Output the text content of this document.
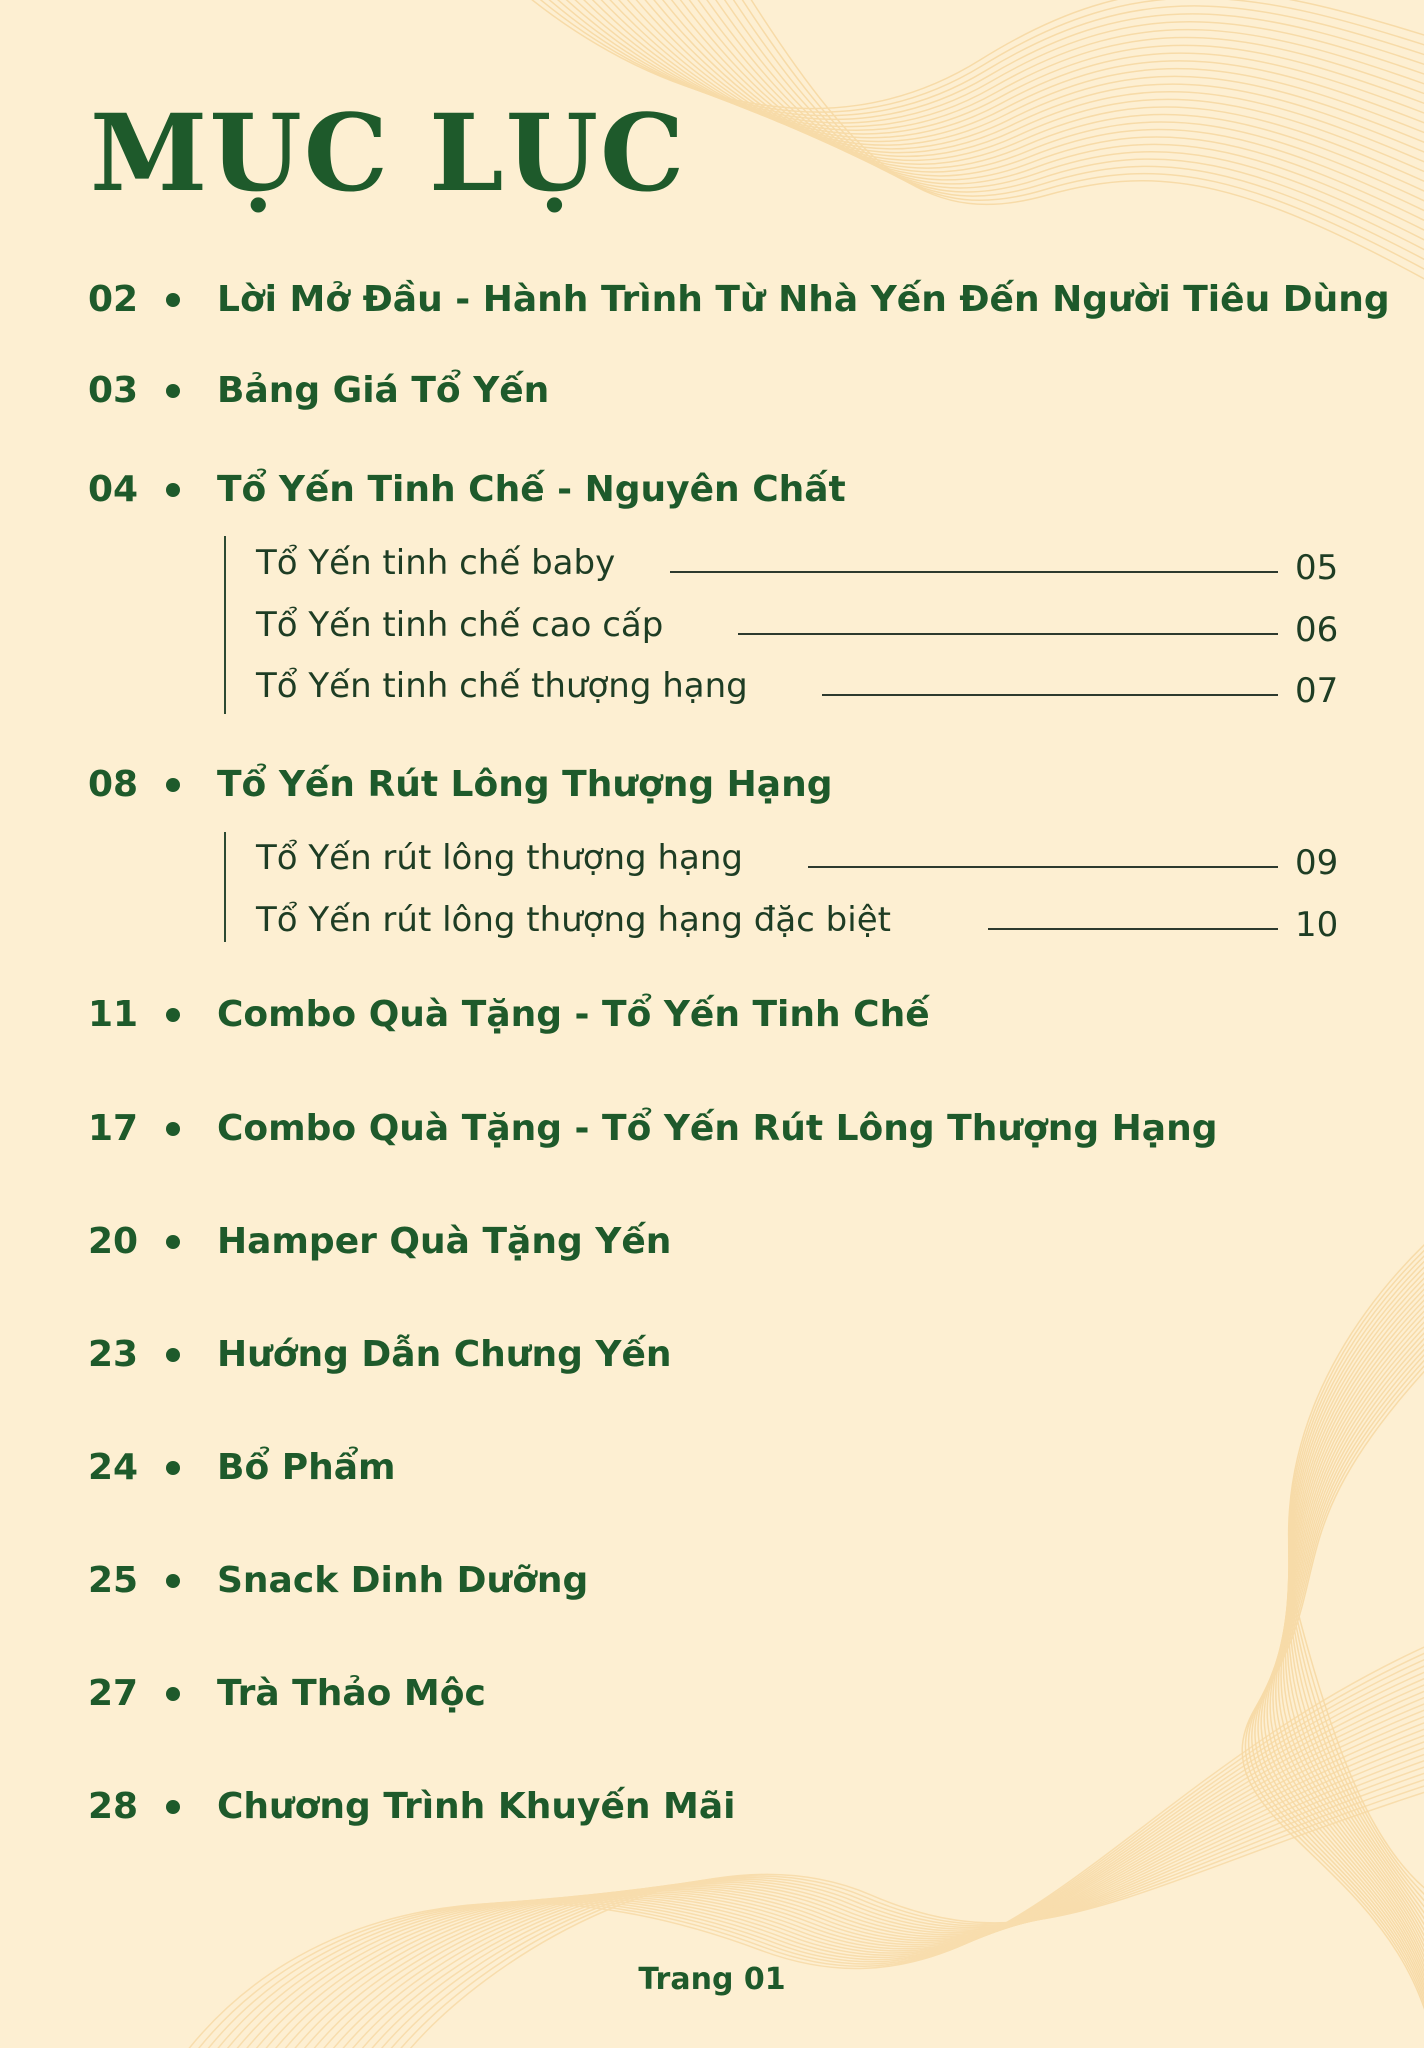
MỤC LỤC
02 Lời Mở Đầu - Hành Trình Từ Nhà Yến Đến Người Tiêu Dùng
03 Bảng Giá Tổ Yến
04 Tổ Yến Tinh Chế - Nguyên Chất
Tổ Yến tinh chế baby	05
Tổ Yến tinh chế cao cấp	06
Tổ Yến tinh chế thượng hạng	07
08 Tổ Yến Rút Lông Thượng Hạng
Tổ Yến rút lông thượng hạng	09
Tổ Yến rút lông thượng hạng đặc biệt	10
11 Combo Quà Tặng - Tổ Yến Tinh Chế
17 Combo Quà Tặng - Tổ Yến Rút Lông Thượng Hạng
20 Hamper Quà Tặng Yến
23 Hướng Dẫn Chưng Yến
24 Bổ Phẩm
25 Snack Dinh Dưỡng
27 Trà Thảo Mộc
28 Chương Trình Khuyến Mãi
Trang 01
